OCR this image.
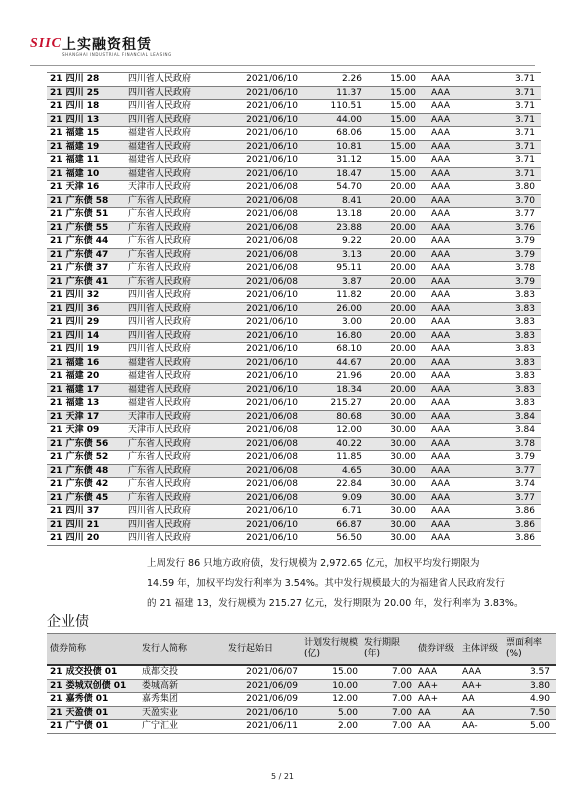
SIIC 上实融资租赁
SHANGHAI INDUSTRIAL FINANCIAL LEASING
21 四川 28	四川省人民政府	2021/06/10	2.26	15.00	AAA	3.71
21 四川 25	四川省人民政府	2021/06/10	11.37	15.00	AAA	3.71
21 四川 18	四川省人民政府	2021/06/10	110.51	15.00	AAA	3.71
21 四川 13	四川省人民政府	2021/06/10	44.00	15.00	AAA	3.71
21 福建 15	福建省人民政府	2021/06/10	68.06	15.00	AAA	3.71
21 福建 19	福建省人民政府	2021/06/10	10.81	15.00	AAA	3.71
21 福建 11	福建省人民政府	2021/06/10	31.12	15.00	AAA	3.71
21 福建 10	福建省人民政府	2021/06/10	18.47	15.00	AAA	3.71
21 天津 16	天津市人民政府	2021/06/08	54.70	20.00	AAA	3.80
21 广东债 58	广东省人民政府	2021/06/08	8.41	20.00	AAA	3.70
21 广东债 51	广东省人民政府	2021/06/08	13.18	20.00	AAA	3.77
21 广东债 55	广东省人民政府	2021/06/08	23.88	20.00	AAA	3.76
21 广东债 44	广东省人民政府	2021/06/08	9.22	20.00	AAA	3.79
21 广东债 47	广东省人民政府	2021/06/08	3.13	20.00	AAA	3.79
21 广东债 37	广东省人民政府	2021/06/08	95.11	20.00	AAA	3.78
21 广东债 41	广东省人民政府	2021/06/08	3.87	20.00	AAA	3.79
21 四川 32	四川省人民政府	2021/06/10	11.82	20.00	AAA	3.83
21 四川 36	四川省人民政府	2021/06/10	26.00	20.00	AAA	3.83
21 四川 29	四川省人民政府	2021/06/10	3.00	20.00	AAA	3.83
21 四川 14	四川省人民政府	2021/06/10	16.80	20.00	AAA	3.83
21 四川 19	四川省人民政府	2021/06/10	68.10	20.00	AAA	3.83
21 福建 16	福建省人民政府	2021/06/10	44.67	20.00	AAA	3.83
21 福建 20	福建省人民政府	2021/06/10	21.96	20.00	AAA	3.83
21 福建 17	福建省人民政府	2021/06/10	18.34	20.00	AAA	3.83
21 福建 13	福建省人民政府	2021/06/10	215.27	20.00	AAA	3.83
21 天津 17	天津市人民政府	2021/06/08	80.68	30.00	AAA	3.84
21 天津 09	天津市人民政府	2021/06/08	12.00	30.00	AAA	3.84
21 广东债 56	广东省人民政府	2021/06/08	40.22	30.00	AAA	3.78
21 广东债 52	广东省人民政府	2021/06/08	11.85	30.00	AAA	3.79
21 广东债 48	广东省人民政府	2021/06/08	4.65	30.00	AAA	3.77
21 广东债 42	广东省人民政府	2021/06/08	22.84	30.00	AAA	3.74
21 广东债 45	广东省人民政府	2021/06/08	9.09	30.00	AAA	3.77
21 四川 37	四川省人民政府	2021/06/10	6.71	30.00	AAA	3.86
21 四川 21	四川省人民政府	2021/06/10	66.87	30.00	AAA	3.86
21 四川 20	四川省人民政府	2021/06/10	56.50	30.00	AAA	3.86
上周发行 86 只地方政府债，发行规模为 2,972.65 亿元，加权平均发行期限为
14.59 年，加权平均发行利率为 3.54%。其中发行规模最大的为福建省人民政府发行
的 21 福建 13，发行规模为 215.27 亿元，发行期限为 20.00 年，发行利率为 3.83%。
企业债
债券简称	发行人简称	发行起始日	计划发行规模(亿)	发行期限(年)	债券评级	主体评级	票面利率(%)
21 成交投债 01	成都交投	2021/06/07	15.00	7.00	AAA	AAA	3.57
21 娄城双创债 01	娄城高新	2021/06/09	10.00	7.00	AA+	AA+	3.80
21 嘉秀债 01	嘉秀集团	2021/06/09	12.00	7.00	AA+	AA	4.90
21 天盈债 01	天盈实业	2021/06/10	5.00	7.00	AA	AA	7.50
21 广宁债 01	广宁汇业	2021/06/11	2.00	7.00	AA	AA-	5.00
5 / 21
